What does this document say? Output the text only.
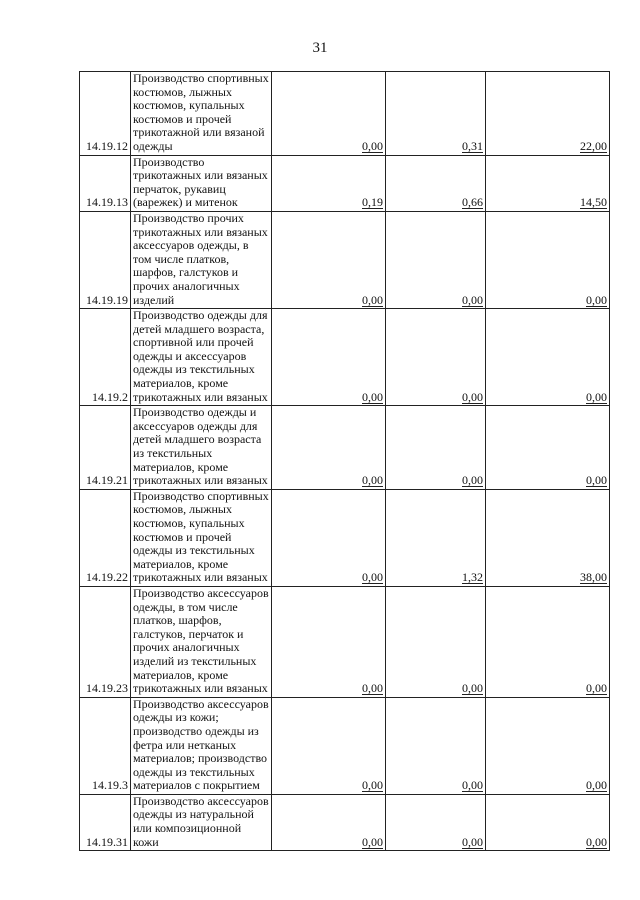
31
14.19.12	Производство спортивных костюмов, лыжных костюмов, купальных костюмов и прочей трикотажной или вязаной одежды	0,00	0,31	22,00
14.19.13	Производство трикотажных или вязаных перчаток, рукавиц (варежек) и митенок	0,19	0,66	14,50
14.19.19	Производство прочих трикотажных или вязаных аксессуаров одежды, в том числе платков, шарфов, галстуков и прочих аналогичных изделий	0,00	0,00	0,00
14.19.2	Производство одежды для детей младшего возраста, спортивной или прочей одежды и аксессуаров одежды из текстильных материалов, кроме трикотажных или вязаных	0,00	0,00	0,00
14.19.21	Производство одежды и аксессуаров одежды для детей младшего возраста из текстильных материалов, кроме трикотажных или вязаных	0,00	0,00	0,00
14.19.22	Производство спортивных костюмов, лыжных костюмов, купальных костюмов и прочей одежды из текстильных материалов, кроме трикотажных или вязаных	0,00	1,32	38,00
14.19.23	Производство аксессуаров одежды, в том числе платков, шарфов, галстуков, перчаток и прочих аналогичных изделий из текстильных материалов, кроме трикотажных или вязаных	0,00	0,00	0,00
14.19.3	Производство аксессуаров одежды из кожи; производство одежды из фетра или нетканых материалов; производство одежды из текстильных материалов с покрытием	0,00	0,00	0,00
14.19.31	Производство аксессуаров одежды из натуральной или композиционной кожи	0,00	0,00	0,00
